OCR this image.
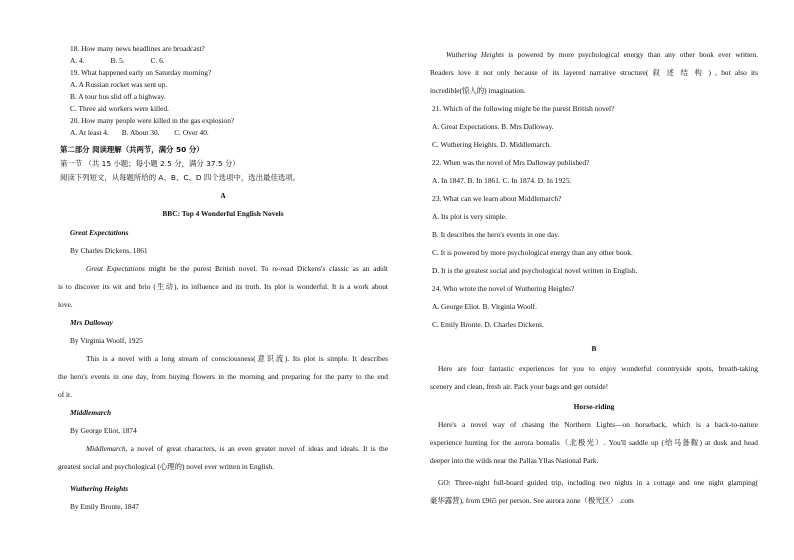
18. How many news headlines are broadcast?
A. 4.              B. 5.              C. 6.
19. What happened early on Saturday morning?
A. A Russian rocket was sent up.
B. A tour bus slid off a highway.
C. Three aid workers were killed.
20. How many people were killed in the gas explosion?
A. At least 4.       B. About 30.        C. Over 40.
第二部分 阅读理解（共两节，满分 50 分）
第一节 （共 15 小题；每小题 2.5 分，满分 37.5 分）
阅读下列短文，从每题所给的 A、B、C、D 四个选项中，选出最佳选项。
A
BBC: Top 4 Wonderful English Novels
Great Expectations
By Charles Dickens, 1861
Great Expectations might be the purest British novel. To re-read Dickens's classic as an adult
is to discover its wit and brio (生动), its influence and its truth. Its plot is wonderful. It is a work about
love.
Mrs Dalloway
By Virginia Woolf, 1925
This is a novel with a long stream of consciousness(意识流). Its plot is simple. It describes
the hero's events in one day, from buying flowers in the morning and preparing for the party to the end
of it.
Middlemarch
By George Eliot, 1874
Middlemarch, a novel of great characters, is an even greater novel of ideas and ideals. It is the
greatest social and psychological (心理的) novel ever written in English.
Wuthering Heights
By Emily Bronte, 1847
Wuthering Heights is powered by more psychological energy than any other book ever written.
Readers love it not only because of its layered narrative structure( 叙 述 结 构 ) , but also its
incredible(惊人的) imagination.
21. Which of the following might be the purest British novel?
A. Great Expectations. B. Mrs Dalloway.
C. Wuthering Heights. D. Middlemarch.
22. When was the novel of Mrs Dalloway published?
A. In 1847. B. In 1861. C. In 1874. D. In 1925.
23. What can we learn about Middlemarch?
A. Its plot is very simple.
B. It describes the hero's events in one day.
C. It is powered by more psychological energy than any other book.
D. It is the greatest social and psychological novel written in English.
24. Who wrote the novel of Wuthering Heights?
A. George Eliot. B. Virginia Woolf.
C. Emily Bronte. D. Charles Dickens.
B
Here are four fantastic experiences for you to enjoy wonderful countryside spots, breath-taking
scenery and clean, fresh air. Pack your bags and get outside!
Horse-riding
Here's a novel way of chasing the Northern Lights—on horseback, which is a back-to-nature
experience hunting for the aurora borealis（北极光）. You'll saddle up (给马备鞍) at dusk and head
deeper into the wilds near the Pallas Yllas National Park.
GO: Three-night full-board guided trip, including two nights in a cottage and one night glamping(
豪华露营), from £965 per person. See aurora zone（极光区） .com
